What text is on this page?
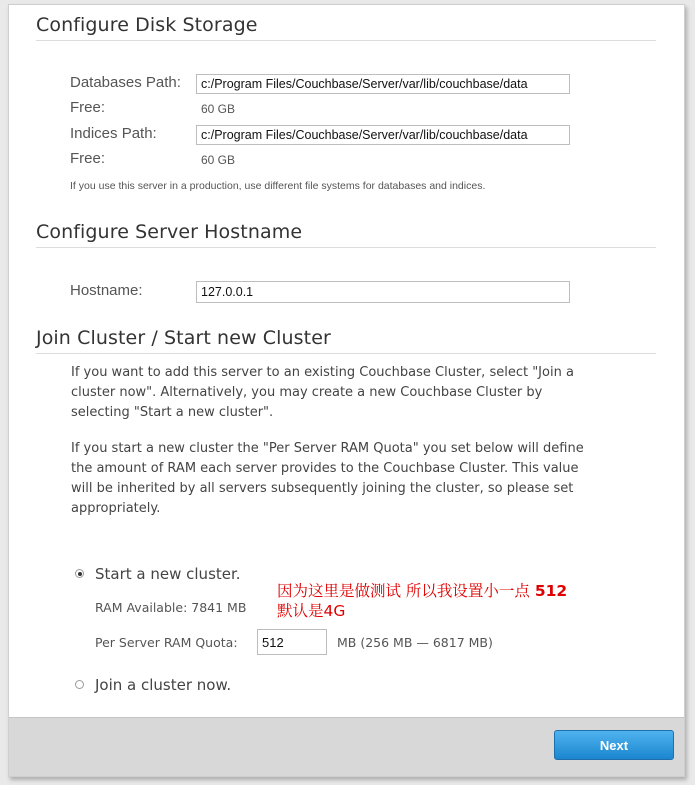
Configure Disk Storage
Databases Path:
c:/Program Files/Couchbase/Server/var/lib/couchbase/data
Free:	60 GB
Indices Path:
c:/Program Files/Couchbase/Server/var/lib/couchbase/data
Free:	60 GB
If you use this server in a production, use different file systems for databases and indices.
Configure Server Hostname
Hostname:
127.0.0.1
Join Cluster / Start new Cluster

If you want to add this server to an existing Couchbase Cluster, select "Join a cluster now". Alternatively, you may create a new Couchbase Cluster by selecting "Start a new cluster".

If you start a new cluster the "Per Server RAM Quota" you set below will define the amount of RAM each server provides to the Couchbase Cluster. This value will be inherited by all servers subsequently joining the cluster, so please set appropriately.

Start a new cluster.
RAM Available: 7841 MB
Per Server RAM Quota:
512	MB (256 MB — 6817 MB)
因为这里是做测试 所以我设置小一点 512
默认是4G
Join a cluster now.
Next
